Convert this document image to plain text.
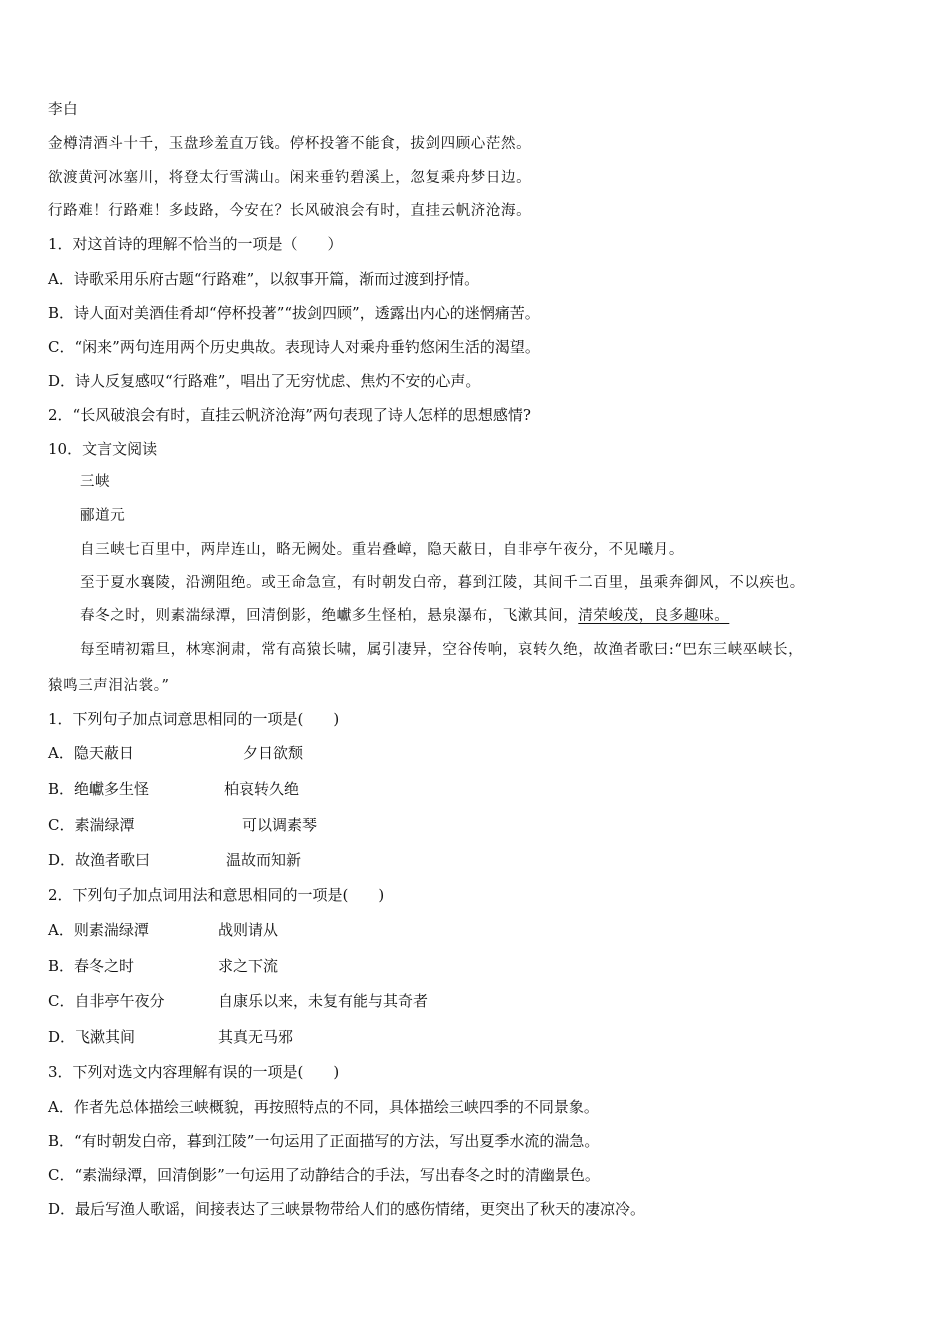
李白
金樽清酒斗十千，玉盘珍羞直万钱。停杯投箸不能食，拔剑四顾心茫然。
欲渡黄河冰塞川，将登太行雪满山。闲来垂钓碧溪上，忽复乘舟梦日边。
行路难！行路难！多歧路，今安在？长风破浪会有时，直挂云帆济沧海。
1．对这首诗的理解不恰当的一项是（　　）
A．诗歌采用乐府古题“行路难”，以叙事开篇，渐而过渡到抒情。
B．诗人面对美酒佳肴却“停杯投著”“拔剑四顾”，透露出内心的迷惘痛苦。
C．“闲来”两句连用两个历史典故。表现诗人对乘舟垂钓悠闲生活的渴望。
D．诗人反复感叹“行路难”，唱出了无穷忧虑、焦灼不安的心声。
2．“长风破浪会有时，直挂云帆济沧海”两句表现了诗人怎样的思想感情?
10．文言文阅读
三峡
郦道元
自三峡七百里中，两岸连山，略无阙处。重岩叠嶂，隐天蔽日，自非亭午夜分，不见曦月。
至于夏水襄陵，沿溯阻绝。或王命急宣，有时朝发白帝，暮到江陵，其间千二百里，虽乘奔御风，不以疾也。
春冬之时，则素湍绿潭，回清倒影，绝巘多生怪柏，悬泉瀑布，飞漱其间，清荣峻茂，良多趣味。
每至晴初霜旦，林寒涧肃，常有高猿长啸，属引凄异，空谷传响，哀转久绝，故渔者歌曰:“巴东三峡巫峡长，
猿鸣三声泪沾裳。”
1．下列句子加点词意思相同的一项是(　　)
A．隐天蔽日	夕日欲颓
B．绝巘多生怪	柏哀转久绝
C．素湍绿潭	可以调素琴
D．故渔者歌曰	温故而知新
2．下列句子加点词用法和意思相同的一项是(　　)
A．则素湍绿潭	战则请从
B．春冬之时	求之下流
C．自非亭午夜分	自康乐以来，未复有能与其奇者
D．飞漱其间	其真无马邪
3．下列对选文内容理解有误的一项是(　　)
A．作者先总体描绘三峡概貌，再按照特点的不同，具体描绘三峡四季的不同景象。
B．“有时朝发白帝，暮到江陵”一句运用了正面描写的方法，写出夏季水流的湍急。
C．“素湍绿潭，回清倒影”一句运用了动静结合的手法，写出春冬之时的清幽景色。
D．最后写渔人歌谣，间接表达了三峡景物带给人们的感伤情绪，更突出了秋天的凄凉冷。
